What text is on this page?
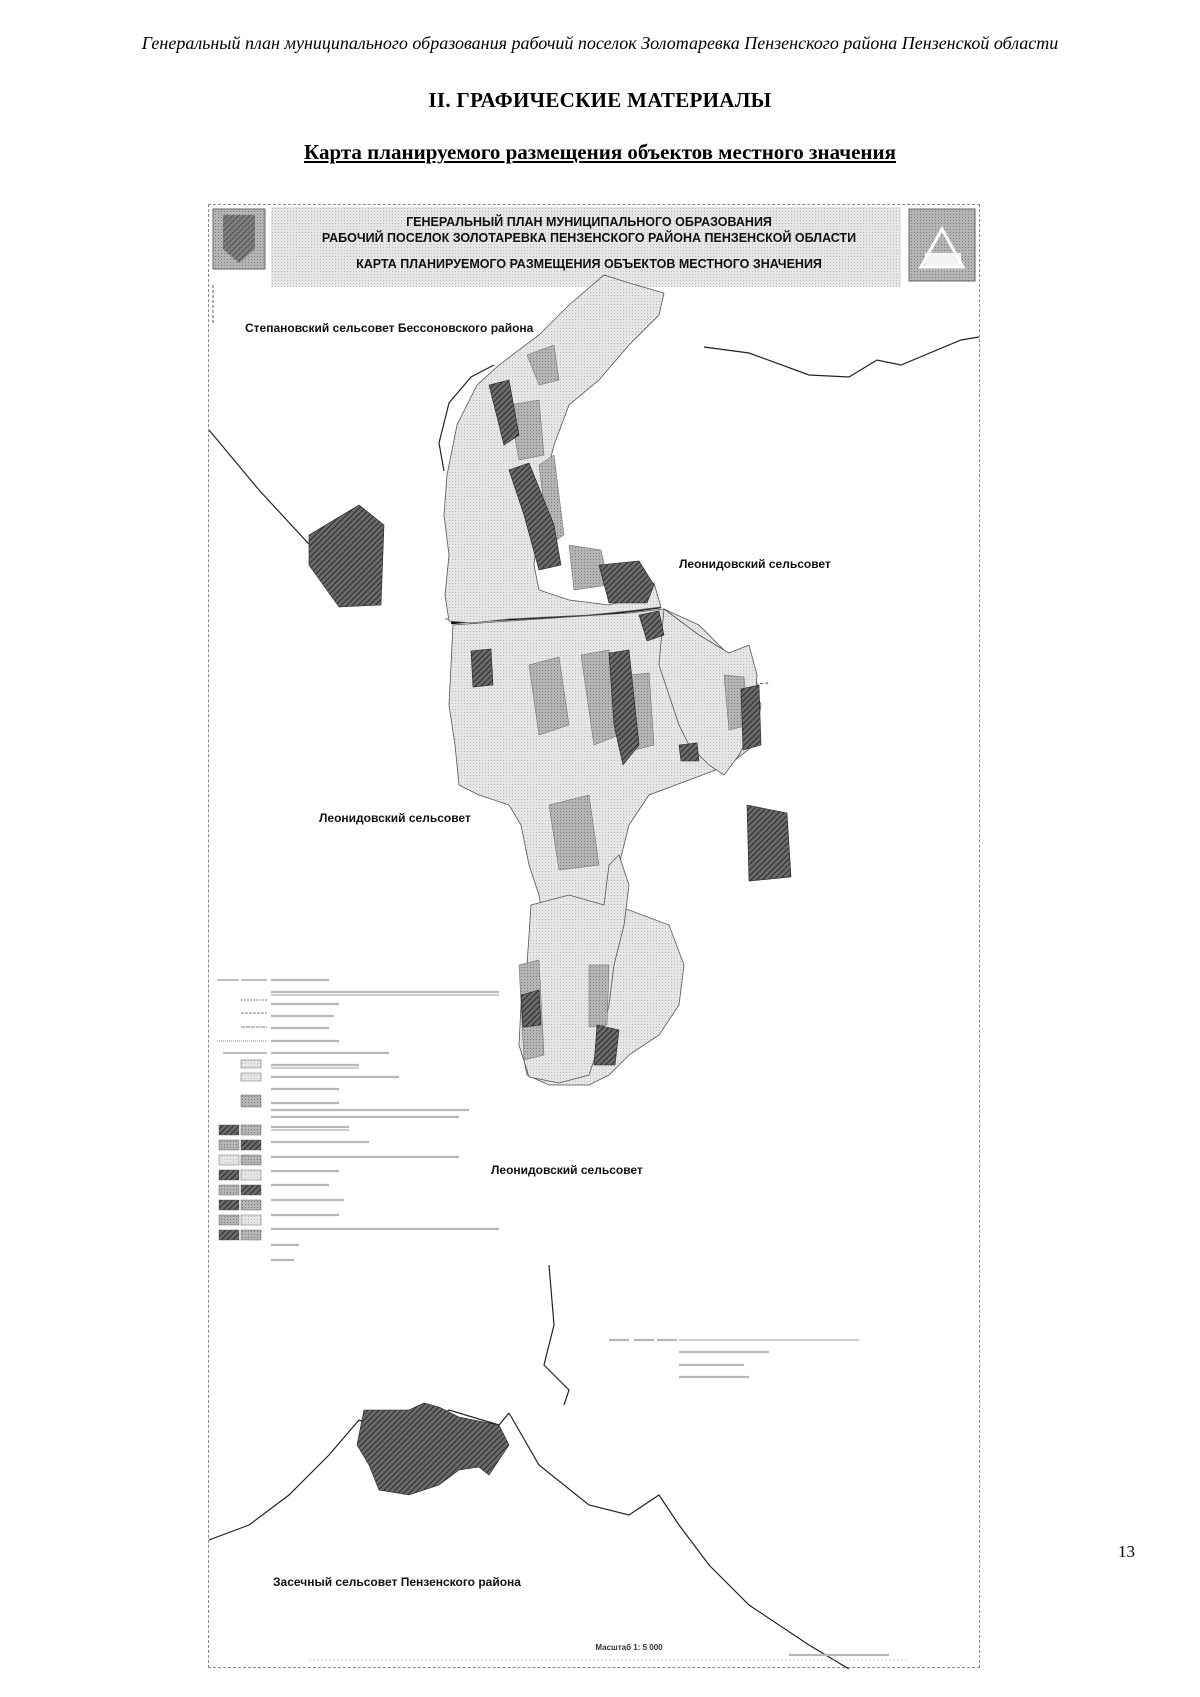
Генеральный план муниципального образования рабочий поселок Золотаревка Пензенского района Пензенской области
II. ГРАФИЧЕСКИЕ МАТЕРИАЛЫ
Карта планируемого размещения объектов местного значения
ГЕНЕРАЛЬНЫЙ ПЛАН МУНИЦИПАЛЬНОГО ОБРАЗОВАНИЯ
РАБОЧИЙ ПОСЕЛОК ЗОЛОТАРЕВКА ПЕНЗЕНСКОГО РАЙОНА ПЕНЗЕНСКОЙ ОБЛАСТИ
КАРТА ПЛАНИРУЕМОГО РАЗМЕЩЕНИЯ ОБЪЕКТОВ МЕСТНОГО ЗНАЧЕНИЯ
Степановский сельсовет Бессоновского района
Леонидовский сельсовет
Леонидовский сельсовет
Леонидовский сельсовет
Засечный сельсовет Пензенского района
Масштаб 1: 5 000
13
